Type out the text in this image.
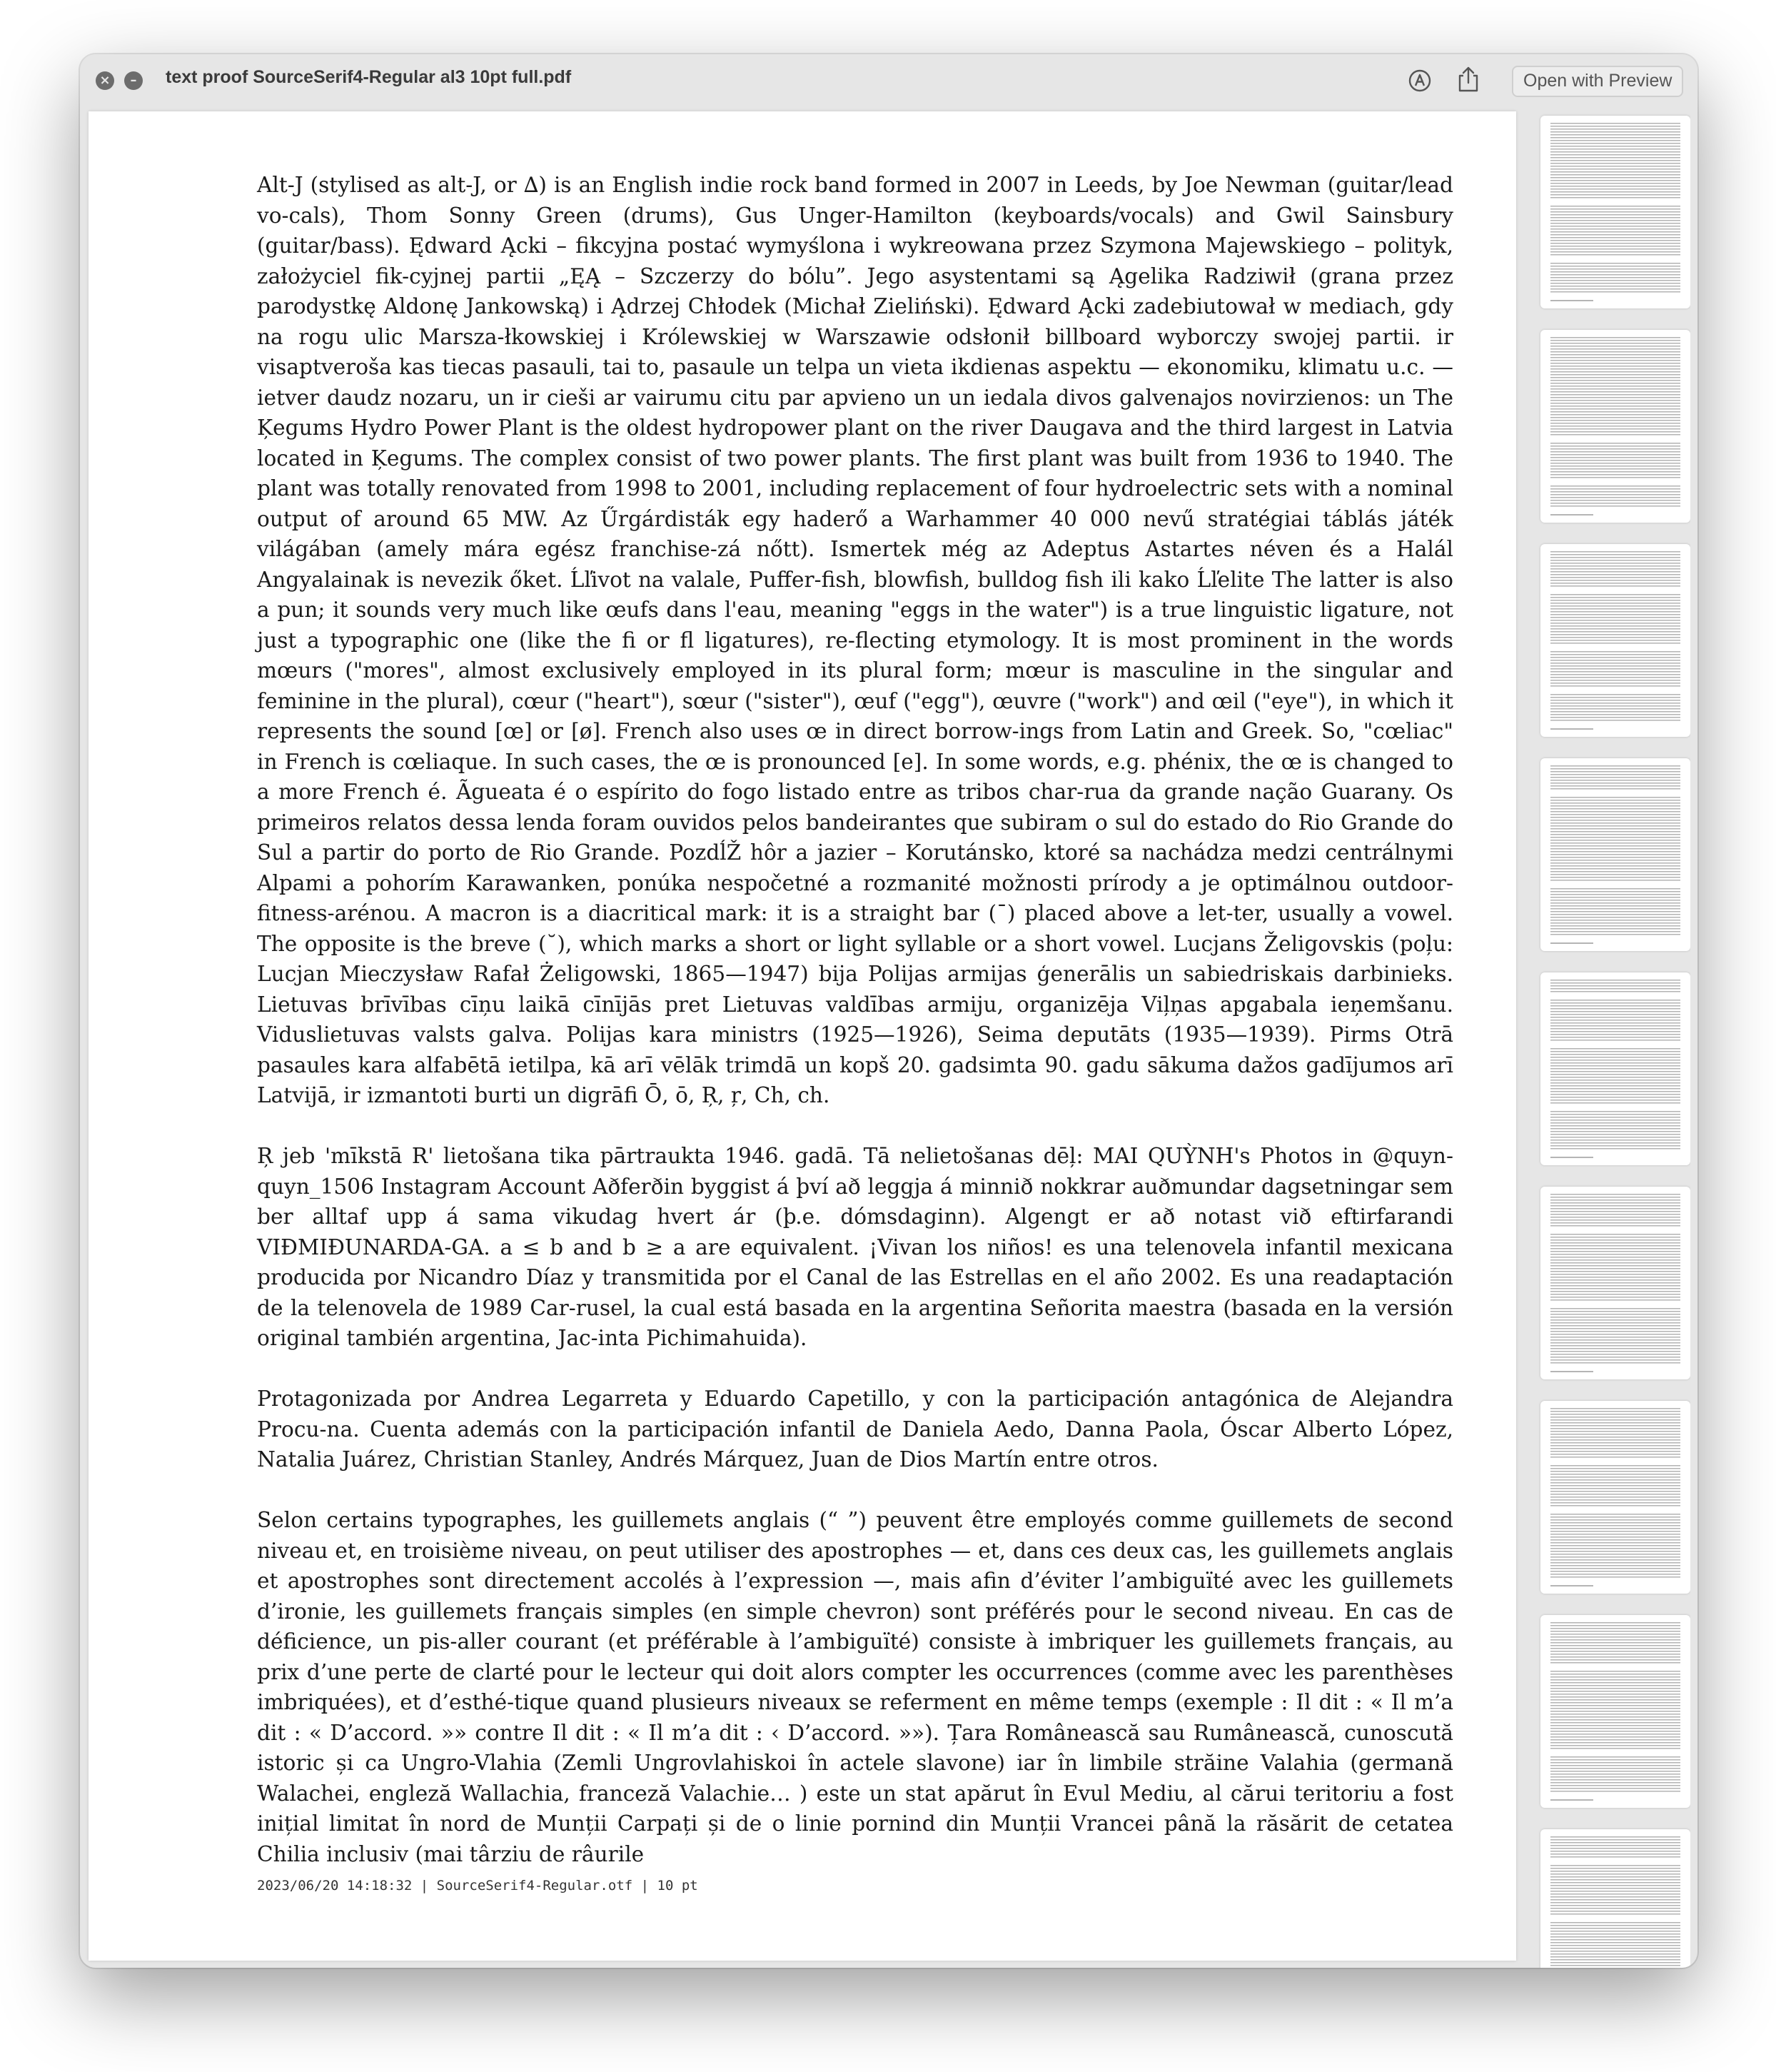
×	–	text proof SourceSerif4-Regular al3 10pt full.pdf	Open with Preview

Alt-J (stylised as alt-J, or ∆) is an English indie rock band formed in 2007 in Leeds, by Joe Newman (guitar/lead vo-cals), Thom Sonny Green (drums), Gus Unger-Hamilton (keyboards/vocals) and Gwil Sainsbury (guitar/bass). Ędward Ącki – fikcyjna postać wymyślona i wykreowana przez Szymona Majewskiego – polityk, założyciel fik-cyjnej partii „ĘĄ – Szczerzy do bólu”. Jego asystentami są Ągelika Radziwił (grana przez parodystkę Aldonę Jankowską) i Ądrzej Chłodek (Michał Zieliński). Ędward Ącki zadebiutował w mediach, gdy na rogu ulic Marsza-łkowskiej i Królewskiej w Warszawie odsłonił billboard wyborczy swojej partii. ir visaptveroša kas tiecas pasauli, tai to, pasaule un telpa un vieta ikdienas aspektu — ekonomiku, klimatu u.c. — ietver daudz nozaru, un ir cieši ar vairumu citu par apvieno un un iedala divos galvenajos novirzienos: un The Ķegums Hydro Power Plant is the oldest hydropower plant on the river Daugava and the third largest in Latvia located in Ķegums. The complex consist of two power plants. The first plant was built from 1936 to 1940. The plant was totally renovated from 1998 to 2001, including replacement of four hydroelectric sets with a nominal output of around 65 MW. Az Űrgárdisták egy haderő a Warhammer 40 000 nevű stratégiai táblás játék világában (amely mára egész franchise-zá nőtt). Ismertek még az Adeptus Astartes néven és a Halál Angyalainak is nevezik őket. Ĺľivot na valale, Puffer-fish, blowfish, bulldog fish ili kako Ĺľelite The latter is also a pun; it sounds very much like œufs dans l'eau, meaning "eggs in the water") is a true linguistic ligature, not just a typographic one (like the fi or fl ligatures), re-flecting etymology. It is most prominent in the words mœurs ("mores", almost exclusively employed in its plural form; mœur is masculine in the singular and feminine in the plural), cœur ("heart"), sœur ("sister"), œuf ("egg"), œuvre ("work") and œil ("eye"), in which it represents the sound [œ] or [ø]. French also uses œ in direct borrow-ings from Latin and Greek. So, "cœliac" in French is cœliaque. In such cases, the œ is pronounced [e]. In some words, e.g. phénix, the œ is changed to a more French é. Ãgueata é o espírito do fogo listado entre as tribos char-rua da grande nação Guarany. Os primeiros relatos dessa lenda foram ouvidos pelos bandeirantes que subiram o sul do estado do Rio Grande do Sul a partir do porto de Rio Grande. PozdĺŽ hôr a jazier – Korutánsko, ktoré sa nachádza medzi centrálnymi Alpami a pohorím Karawanken, ponúka nespočetné a rozmanité možnosti prírody a je optimálnou outdoor-fitness-arénou. A macron is a diacritical mark: it is a straight bar (¯) placed above a let-ter, usually a vowel. The opposite is the breve (˘), which marks a short or light syllable or a short vowel. Lucjans Želigovskis (poļu: Lucjan Mieczysław Rafał Żeligowski, 1865—1947) bija Polijas armijas ģenerālis un sabiedriskais darbinieks. Lietuvas brīvības cīņu laikā cīnījās pret Lietuvas valdības armiju, organizēja Viļņas apgabala ieņemšanu. Viduslietuvas valsts galva. Polijas kara ministrs (1925—1926), Seima deputāts (1935—1939). Pirms Otrā pasaules kara alfabētā ietilpa, kā arī vēlāk trimdā un kopš 20. gadsimta 90. gadu sākuma dažos gadījumos arī Latvijā, ir izmantoti burti un digrāfi Ō, ō, Ŗ, ŗ, Ch, ch.

Ŗ jeb 'mīkstā R' lietošana tika pārtraukta 1946. gadā. Tā nelietošanas dēļ: MAI QUỲNH's Photos in @quyn-quyn_1506 Instagram Account Aðferðin byggist á því að leggja á minnið nokkrar auðmundar dagsetningar sem ber alltaf upp á sama vikudag hvert ár (þ.e. dómsdaginn). Algengt er að notast við eftirfarandi VIÐMIÐUNARDA-GA. a ≤ b and b ≥ a are equivalent. ¡Vivan los niños! es una telenovela infantil mexicana producida por Nicandro Díaz y transmitida por el Canal de las Estrellas en el año 2002. Es una readaptación de la telenovela de 1989 Car-rusel, la cual está basada en la argentina Señorita maestra (basada en la versión original también argentina, Jac-inta Pichimahuida).

Protagonizada por Andrea Legarreta y Eduardo Capetillo, y con la participación antagónica de Alejandra Procu-na. Cuenta además con la participación infantil de Daniela Aedo, Danna Paola, Óscar Alberto López, Natalia Juárez, Christian Stanley, Andrés Márquez, Juan de Dios Martín entre otros.

Selon certains typographes, les guillemets anglais (“ ”) peuvent être employés comme guillemets de second niveau et, en troisième niveau, on peut utiliser des apostrophes — et, dans ces deux cas, les guillemets anglais et apostrophes sont directement accolés à l’expression —, mais afin d’éviter l’ambiguïté avec les guillemets d’ironie, les guillemets français simples (en simple chevron) sont préférés pour le second niveau. En cas de déficience, un pis-aller courant (et préférable à l’ambiguïté) consiste à imbriquer les guillemets français, au prix d’une perte de clarté pour le lecteur qui doit alors compter les occurrences (comme avec les parenthèses imbriquées), et d’esthé-tique quand plusieurs niveaux se referment en même temps (exemple : Il dit : « Il m’a dit : « D’accord. »» contre Il dit : « Il m’a dit : ‹ D’accord. »»). Țara Românească sau Rumânească, cunoscută istoric și ca Ungro-Vlahia (Zemli Ungrovlahiskoi în actele slavone) iar în limbile străine Valahia (germană Walachei, engleză Wallachia, franceză Valachie… ) este un stat apărut în Evul Mediu, al cărui teritoriu a fost inițial limitat în nord de Munții Carpați și de o linie pornind din Munții Vrancei până la răsărit de cetatea Chilia inclusiv (mai târziu de râurile

2023/06/20 14:18:32 | SourceSerif4-Regular.otf | 10 pt
